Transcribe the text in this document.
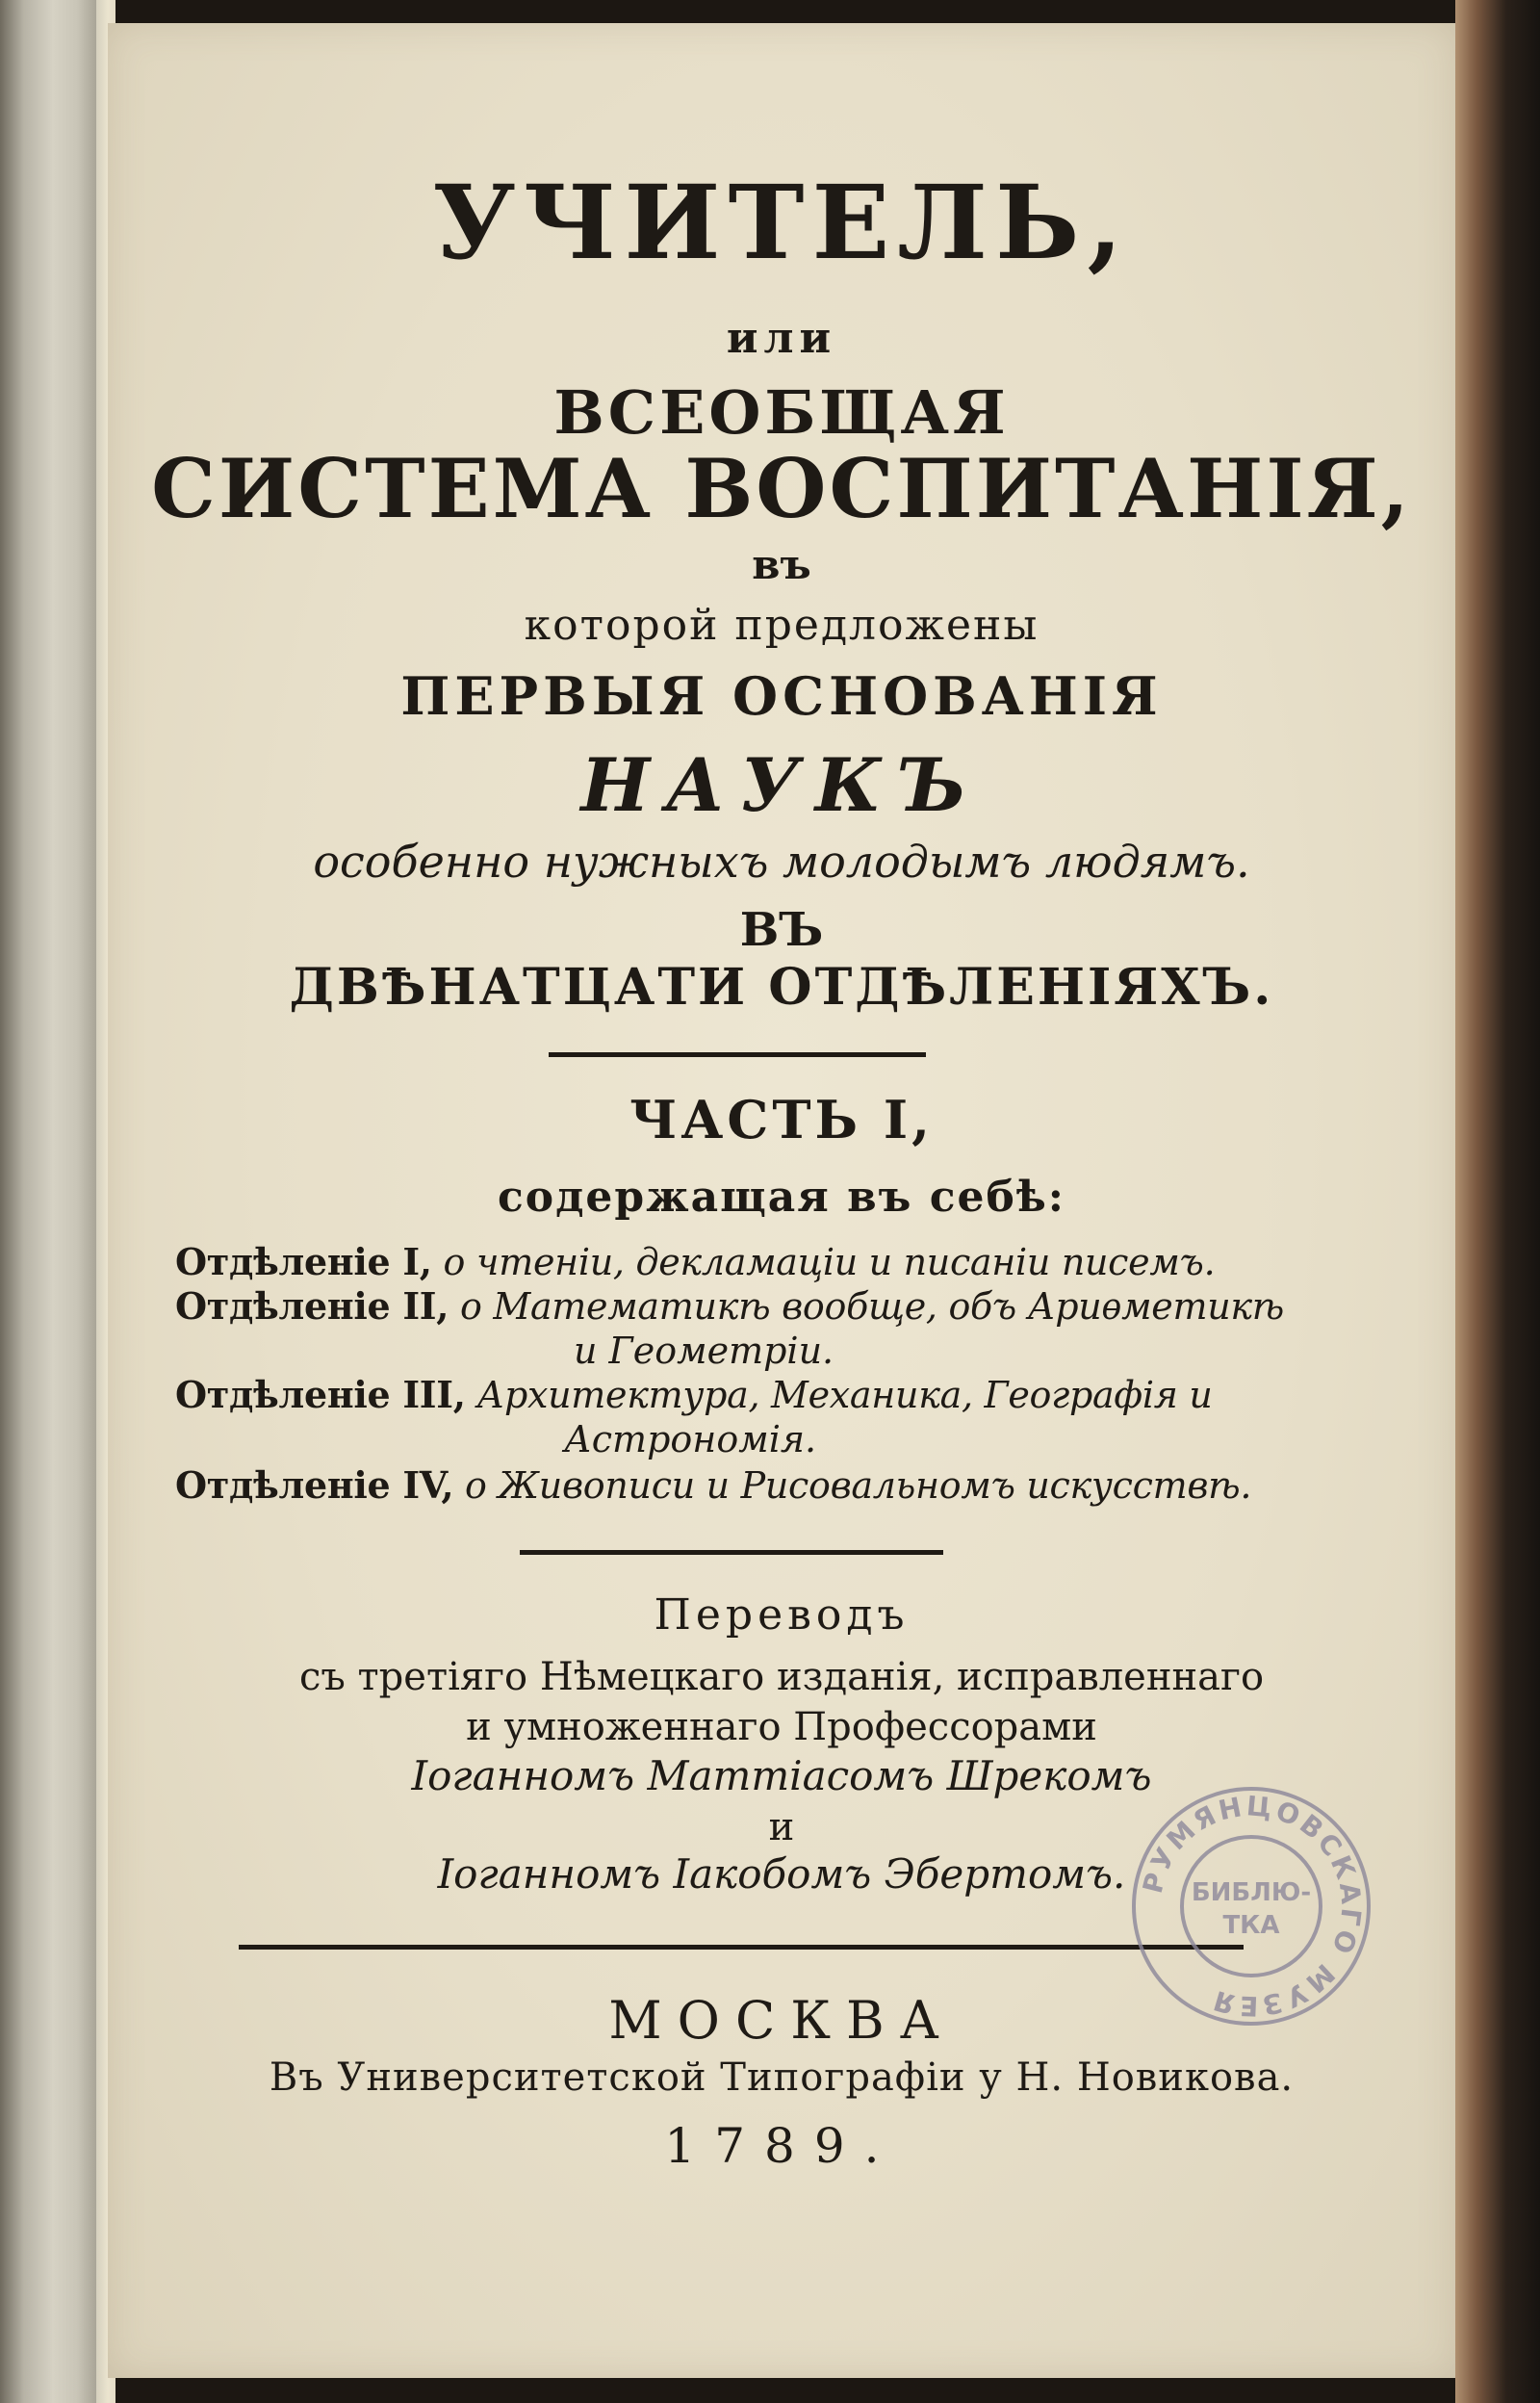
УЧИТЕЛЬ,

или

ВСЕОБЩАЯ

СИСТЕМА ВОСПИТАНІЯ,

въ

которой предложены

ПЕРВЫЯ ОСНОВАНІЯ

НАУКЪ

особенно нужныхъ молодымъ людямъ.

ВЪ

ДВѢНАТЦАТИ ОТДѢЛЕНІЯХЪ.

ЧАСТЬ I,

содержащая въ себѣ:

Отдѣленіе I, о чтеніи, декламаціи и писаніи писемъ.

Отдѣленіе II, о Математикѣ вообще, объ Ариѳметикѣ

и Геометріи.

Отдѣленіе III, Архитектура, Механика, Географія и

Астрономія.

Отдѣленіе IV, о Живописи и Рисовальномъ искусствѣ.

Переводъ

съ третіяго Нѣмецкаго изданія, исправленнаго

и умноженнаго Профессорами

Іоганномъ Маттіасомъ Шрекомъ

и

Іоганномъ Іакобомъ Эбертомъ.

МОСКВА

Въ Университетской Типографіи у Н. Новикова.

1789.

РУМЯНЦОВСКАГО МУЗЕЯ
БИБЛЮ-
ТКА
